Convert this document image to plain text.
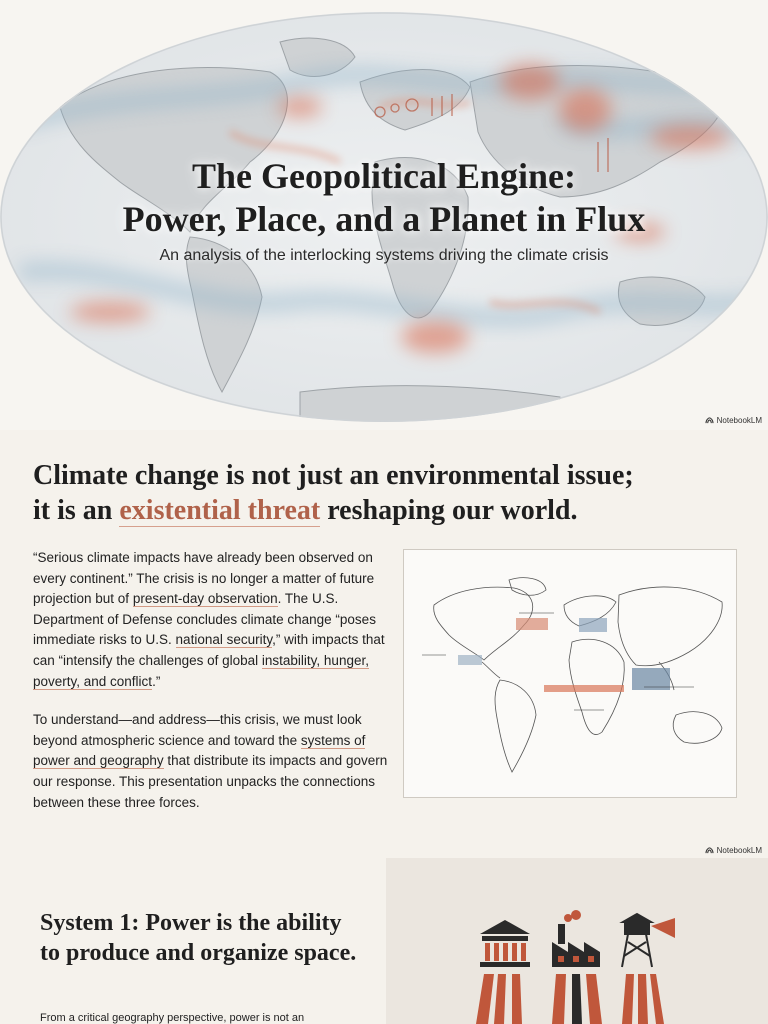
The Geopolitical Engine:
Power, Place, and a Planet in Flux
An analysis of the interlocking systems driving the climate crisis
NotebookLM
Climate change is not just an environmental issue;
it is an existential threat reshaping our world.

“Serious climate impacts have already been observed on every continent.” The crisis is no longer a matter of future projection but of present-day observation. The U.S. Department of Defense concludes climate change “poses immediate risks to U.S. national security,” with impacts that can “intensify the challenges of global instability, hunger, poverty, and conflict.”

To understand—and address—this crisis, we must look beyond atmospheric science and toward the systems of power and geography that distribute its impacts and govern our response. This presentation unpacks the connections between these three forces.

NotebookLM
System 1: Power is the ability to produce and organize space.
From a critical geography perspective, power is not an
